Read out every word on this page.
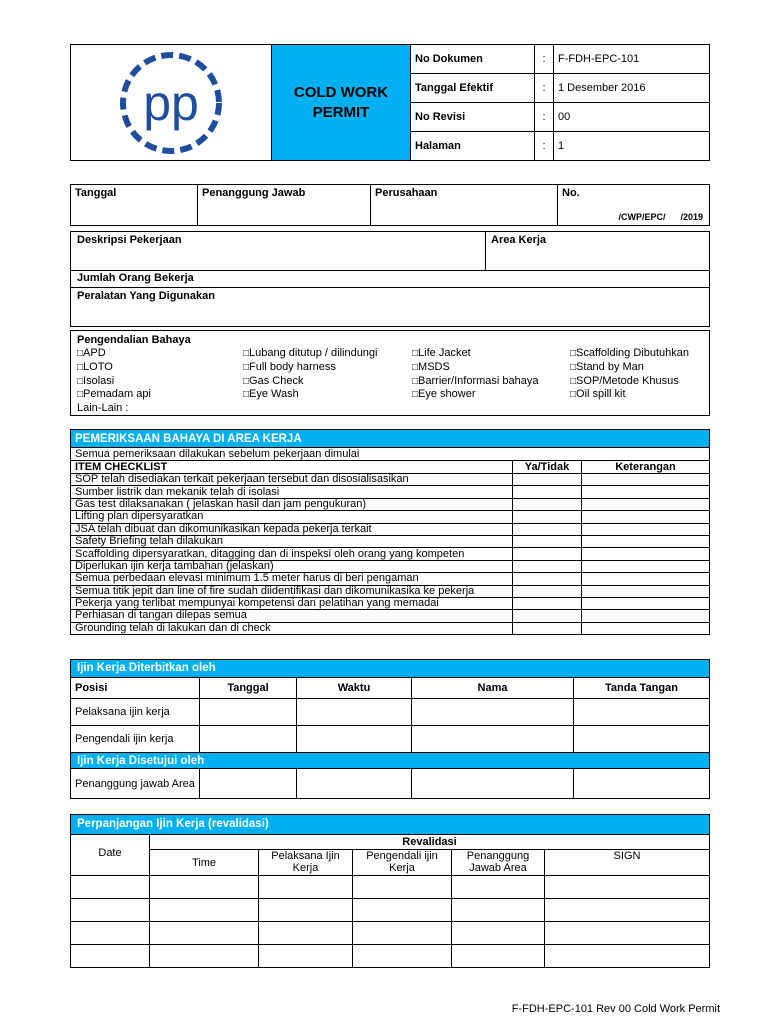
pp	COLD WORK PERMIT	No Dokumen	:	F-FDH-EPC-101
		Tanggal Efektif	:	1 Desember 2016
		No Revisi	:	00
		Halaman	:	1
Tanggal	Penanggung Jawab	Perusahaan	No.
/CWP/EPC/      /2019
Deskripsi Pekerjaan	Area Kerja
Jumlah Orang Bekerja
Peralatan Yang Digunakan
Pengendalian Bahaya
□APD
□LOTO
□Isolasi
□Pemadam api
Lain-Lain :
□Lubang ditutup / dilindungi
□Full body harness
□Gas Check
□Eye Wash
□Life Jacket
□MSDS
□Barrier/Informasi bahaya
□Eye shower
□Scaffolding Dibutuhkan
□Stand by Man
□SOP/Metode Khusus
□Oil spill kit
PEMERIKSAAN BAHAYA DI AREA KERJA		
Semua pemeriksaan dilakukan sebelum pekerjaan dimulai		
ITEM CHECKLIST	Ya/Tidak	Keterangan
SOP telah disediakan terkait pekerjaan tersebut dan disosialisasikan		
Sumber listrik dan mekanik telah di isolasi		
Gas test dilaksanakan ( jelaskan hasil dan jam pengukuran)		
Lifting plan dipersyaratkan		
JSA telah dibuat dan dikomunikasikan kepada pekerja terkait		
Safety Briefing telah dilakukan		
Scaffolding dipersyaratkan, ditagging dan di inspeksi oleh orang yang kompeten		
Diperlukan ijin kerja tambahan (jelaskan)		
Semua perbedaan elevasi minimum 1.5 meter harus di beri pengaman		
Semua titik jepit dan line of fire sudah diidentifikasi dan dikomunikasika ke pekerja		
Pekerja yang terlibat mempunyai kompetensi dan pelatihan yang memadai		
Perhiasan di tangan dilepas semua		
Grounding telah di lakukan dan di check		
Ijin Kerja Diterbitkan oleh
Posisi	Tanggal	Waktu	Nama	Tanda Tangan
Pelaksana ijin kerja				
Pengendali ijin kerja				
Ijin Kerja Disetujui oleh				
Penanggung jawab Area				
Perpanjangan Ijin Kerja (revalidasi)
Date	Revalidasi				
	Time	Pelaksana Ijin Kerja	Pengendali ijin Kerja	Penanggung Jawab Area	SIGN

F-FDH-EPC-101 Rev 00 Cold Work Permit
